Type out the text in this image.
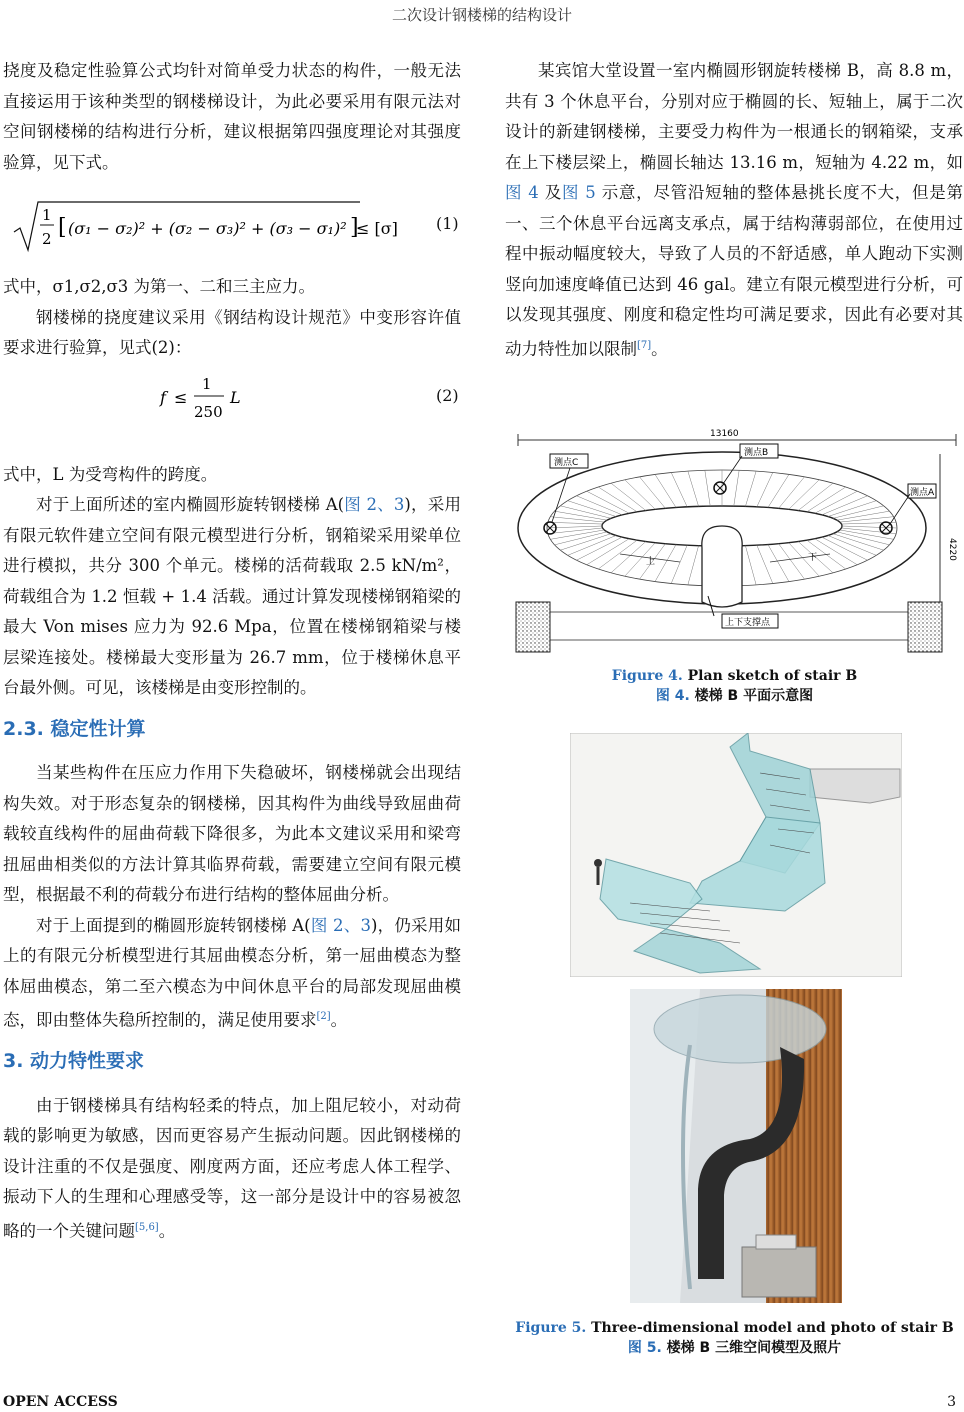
二次设计钢楼梯的结构设计

挠度及稳定性验算公式均针对简单受力状态的构件，一般无法直接运用于该种类型的钢楼梯设计，为此必要采用有限元法对空间钢楼梯的结构进行分析，建议根据第四强度理论对其强度验算，见下式。

式中，σ1,σ2,σ3 为第一、二和三主应力。

钢楼梯的挠度建议采用《钢结构设计规范》中变形容许值要求进行验算，见式(2)：

式中，L 为受弯构件的跨度。

对于上面所述的室内椭圆形旋转钢楼梯 A(图 2、3)，采用有限元软件建立空间有限元模型进行分析，钢箱梁采用梁单位进行模拟，共分 300 个单元。楼梯的活荷载取 2.5 kN/m²，荷载组合为 1.2 恒载 + 1.4 活载。通过计算发现楼梯钢箱梁的最大 Von mises 应力为 92.6 Mpa，位置在楼梯钢箱梁与楼层梁连接处。楼梯最大变形量为 26.7 mm，位于楼梯休息平台最外侧。可见，该楼梯是由变形控制的。

2.3. 稳定性计算

当某些构件在压应力作用下失稳破坏，钢楼梯就会出现结构失效。对于形态复杂的钢楼梯，因其构件为曲线导致屈曲荷载较直线构件的屈曲荷载下降很多，为此本文建议采用和梁弯扭屈曲相类似的方法计算其临界荷载，需要建立空间有限元模型，根据最不利的荷载分布进行结构的整体屈曲分析。

对于上面提到的椭圆形旋转钢楼梯 A(图 2、3)，仍采用如上的有限元分析模型进行其屈曲模态分析，第一屈曲模态为整体屈曲模态，第二至六模态为中间休息平台的局部发现屈曲模态，即由整体失稳所控制的，满足使用要求[2]。

3. 动力特性要求

由于钢楼梯具有结构轻柔的特点，加上阻尼较小，对动荷载的影响更为敏感，因而更容易产生振动问题。因此钢楼梯的设计注重的不仅是强度、刚度两方面，还应考虑人体工程学、振动下人的生理和心理感受等，这一部分是设计中的容易被忽略的一个关键问题[5,6]。

1
2 [ (σ₁ − σ₂)² + (σ₂ − σ₃)² + (σ₃ − σ₁)² ]
≤ [σ] (1)
f ≤
1
250
L	(2)

某宾馆大堂设置一室内椭圆形钢旋转楼梯 B，高 8.8 m，共有 3 个休息平台，分别对应于椭圆的长、短轴上，属于二次设计的新建钢楼梯，主要受力构件为一根通长的钢箱梁，支承在上下楼层梁上，椭圆长轴达 13.16 m，短轴为 4.22 m，如图 4 及图 5 示意，尽管沿短轴的整体悬挑长度不大，但是第一、三个休息平台远离支承点，属于结构薄弱部位，在使用过程中振动幅度较大，导致了人员的不舒适感，单人跑动下实测竖向加速度峰值已达到 46 gal。建立有限元模型进行分析，可以发现其强度、刚度和稳定性均可满足要求，因此有必要对其动力特性加以限制[7]。

13160
4220
测点C
测点B
测点A
上	下
上下支撑点
Figure 4. Plan sketch of stair B
图 4. 楼梯 B 平面示意图
Figure 5. Three-dimensional model and photo of stair B
图 5. 楼梯 B 三维空间模型及照片
OPEN ACCESS	3
